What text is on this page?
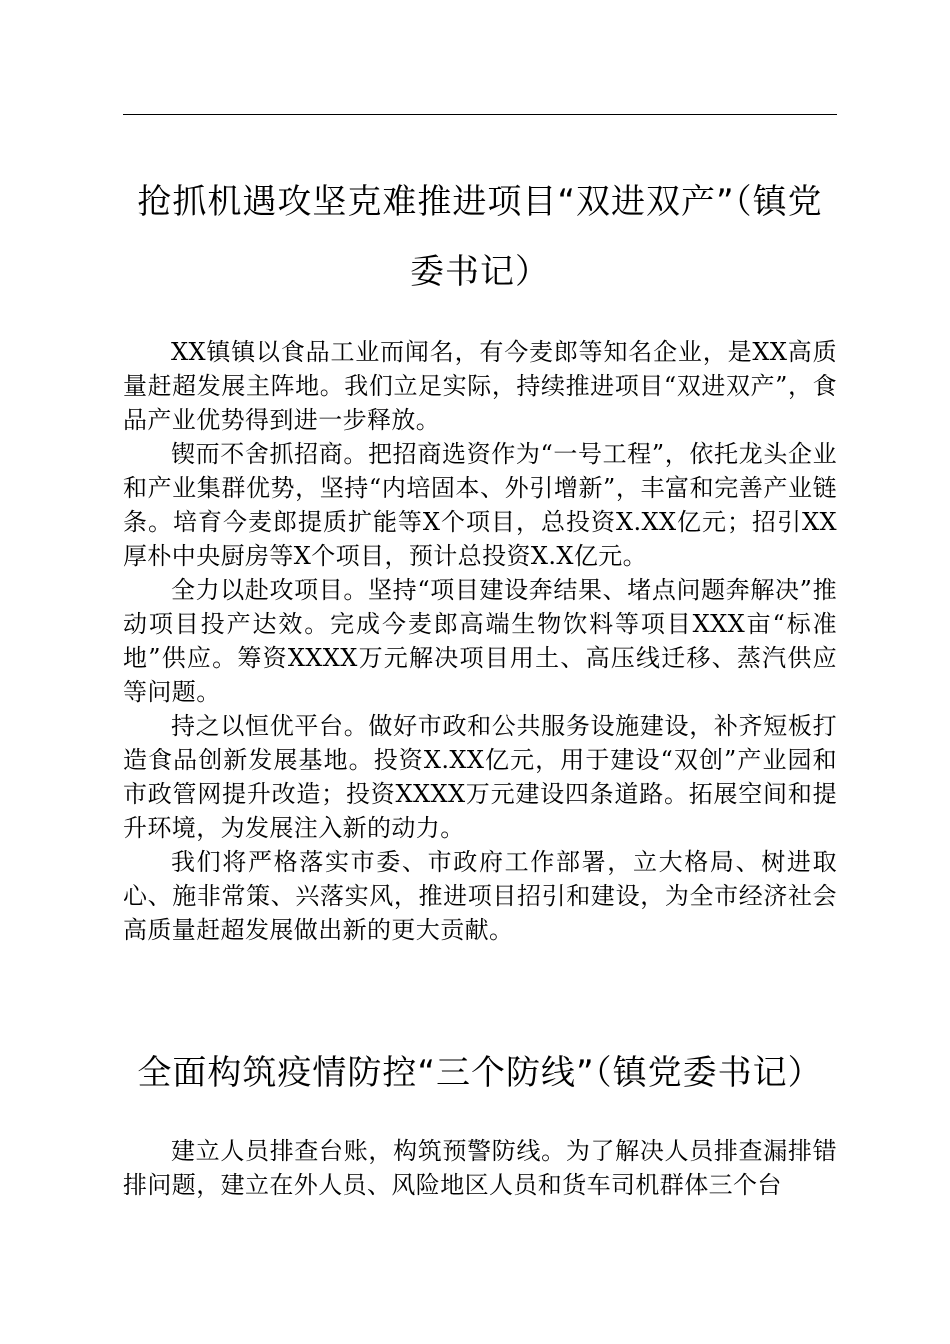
抢抓机遇攻坚克难推进项目“双进双产”（镇党委书记）

XX镇镇以食品工业而闻名，有今麦郎等知名企业，是XX高质量赶超发展主阵地。我们立足实际，持续推进项目“双进双产”，食品产业优势得到进一步释放。

锲而不舍抓招商。把招商选资作为“一号工程”，依托龙头企业和产业集群优势，坚持“内培固本、外引增新”，丰富和完善产业链条。培育今麦郎提质扩能等X个项目，总投资X.XX亿元；招引XX厚朴中央厨房等X个项目，预计总投资X.X亿元。

全力以赴攻项目。坚持“项目建设奔结果、堵点问题奔解决”推动项目投产达效。完成今麦郎高端生物饮料等项目XXX亩“标准地”供应。筹资XXXX万元解决项目用土、高压线迁移、蒸汽供应等问题。

持之以恒优平台。做好市政和公共服务设施建设，补齐短板打造食品创新发展基地。投资X.XX亿元，用于建设“双创”产业园和市政管网提升改造；投资XXXX万元建设四条道路。拓展空间和提升环境，为发展注入新的动力。

我们将严格落实市委、市政府工作部署，立大格局、树进取心、施非常策、兴落实风，推进项目招引和建设，为全市经济社会高质量赶超发展做出新的更大贡献。

全面构筑疫情防控“三个防线”（镇党委书记）

建立人员排查台账，构筑预警防线。为了解决人员排查漏排错排问题，建立在外人员、风险地区人员和货车司机群体三个台
